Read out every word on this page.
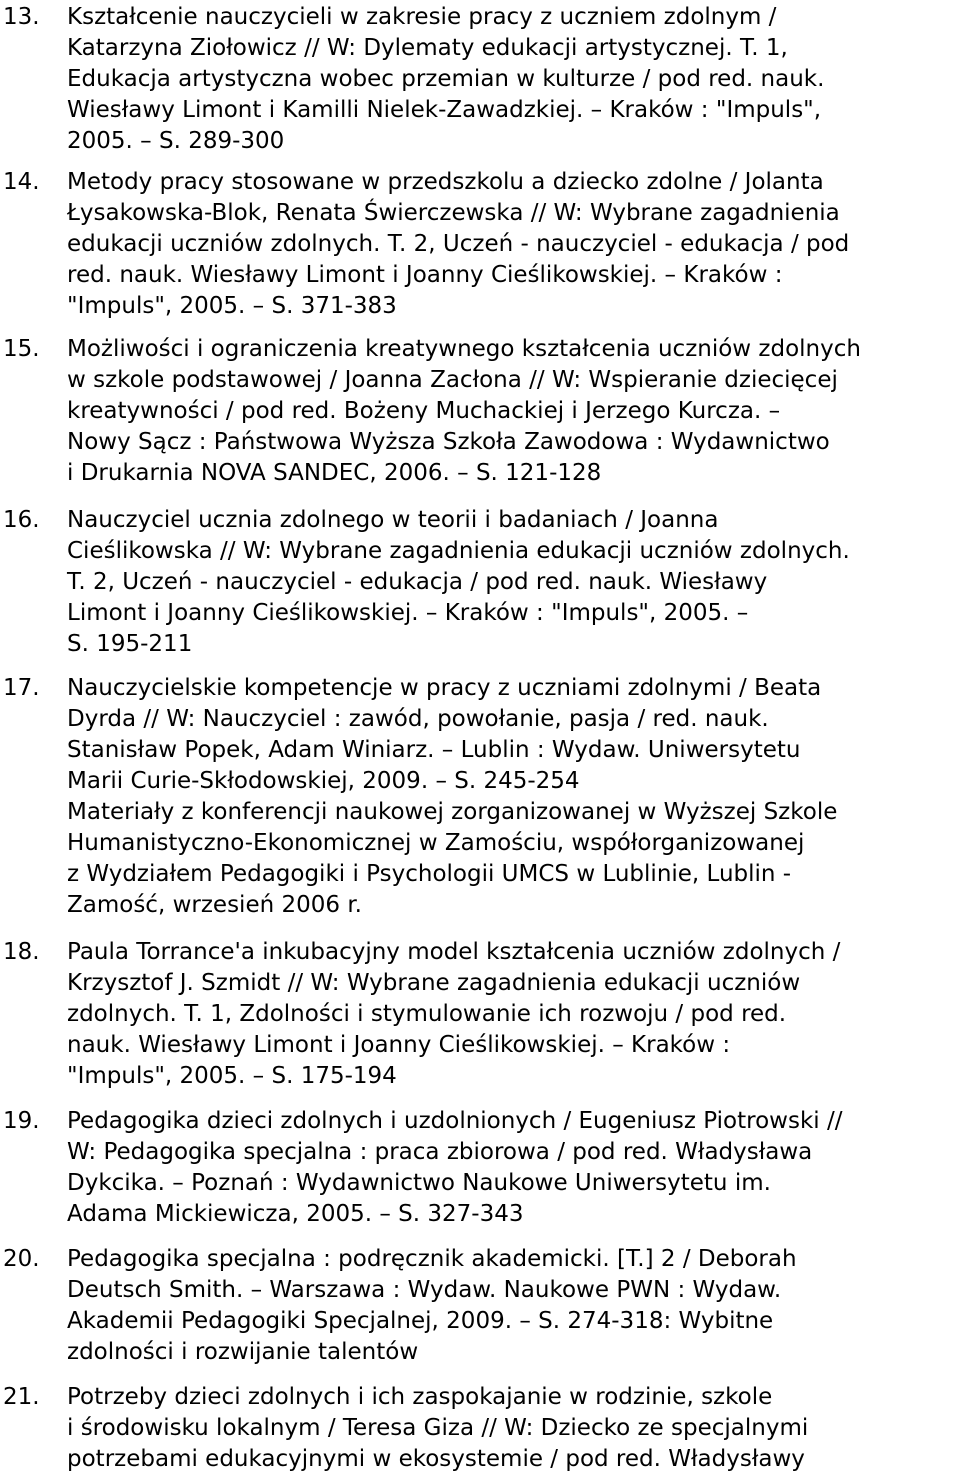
13.	Kształcenie nauczycieli w zakresie pracy z uczniem zdolnym /
Katarzyna Ziołowicz // W: Dylematy edukacji artystycznej. T. 1,
Edukacja artystyczna wobec przemian w kulturze / pod red. nauk.
Wiesławy Limont i Kamilli Nielek-Zawadzkiej. – Kraków : "Impuls",
2005. – S. 289-300
14.	Metody pracy stosowane w przedszkolu a dziecko zdolne / Jolanta
Łysakowska-Blok, Renata Świerczewska // W: Wybrane zagadnienia
edukacji uczniów zdolnych. T. 2, Uczeń - nauczyciel - edukacja / pod
red. nauk. Wiesławy Limont i Joanny Cieślikowskiej. – Kraków :
"Impuls", 2005. – S. 371-383
15.	Możliwości i ograniczenia kreatywnego kształcenia uczniów zdolnych
w szkole podstawowej / Joanna Zacłona // W: Wspieranie dziecięcej
kreatywności / pod red. Bożeny Muchackiej i Jerzego Kurcza. –
Nowy Sącz : Państwowa Wyższa Szkoła Zawodowa : Wydawnictwo
i Drukarnia NOVA SANDEC, 2006. – S. 121-128
16.	Nauczyciel ucznia zdolnego w teorii i badaniach / Joanna
Cieślikowska // W: Wybrane zagadnienia edukacji uczniów zdolnych.
T. 2, Uczeń - nauczyciel - edukacja / pod red. nauk. Wiesławy
Limont i Joanny Cieślikowskiej. – Kraków : "Impuls", 2005. –
S. 195-211
17.	Nauczycielskie kompetencje w pracy z uczniami zdolnymi / Beata
Dyrda // W: Nauczyciel : zawód, powołanie, pasja / red. nauk.
Stanisław Popek, Adam Winiarz. – Lublin : Wydaw. Uniwersytetu
Marii Curie-Skłodowskiej, 2009. – S. 245-254
Materiały z konferencji naukowej zorganizowanej w Wyższej Szkole
Humanistyczno-Ekonomicznej w Zamościu, współorganizowanej
z Wydziałem Pedagogiki i Psychologii UMCS w Lublinie, Lublin -
Zamość, wrzesień 2006 r.
18.	Paula Torrance'a inkubacyjny model kształcenia uczniów zdolnych /
Krzysztof J. Szmidt // W: Wybrane zagadnienia edukacji uczniów
zdolnych. T. 1, Zdolności i stymulowanie ich rozwoju / pod red.
nauk. Wiesławy Limont i Joanny Cieślikowskiej. – Kraków :
"Impuls", 2005. – S. 175-194
19.	Pedagogika dzieci zdolnych i uzdolnionych / Eugeniusz Piotrowski //
W: Pedagogika specjalna : praca zbiorowa / pod red. Władysława
Dykcika. – Poznań : Wydawnictwo Naukowe Uniwersytetu im.
Adama Mickiewicza, 2005. – S. 327-343
20.	Pedagogika specjalna : podręcznik akademicki. [T.] 2 / Deborah
Deutsch Smith. – Warszawa : Wydaw. Naukowe PWN : Wydaw.
Akademii Pedagogiki Specjalnej, 2009. – S. 274-318: Wybitne
zdolności i rozwijanie talentów
21.	Potrzeby dzieci zdolnych i ich zaspokajanie w rodzinie, szkole
i środowisku lokalnym / Teresa Giza // W: Dziecko ze specjalnymi
potrzebami edukacyjnymi w ekosystemie / pod red. Władysławy
